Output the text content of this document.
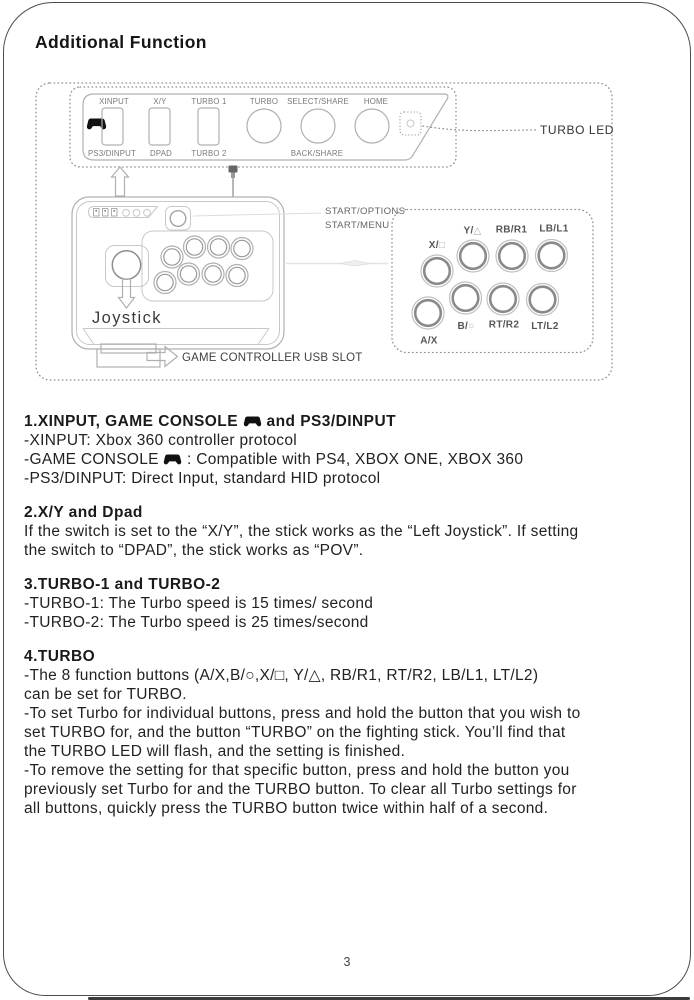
Additional Function
XINPUT	X/Y	TURBO 1	TURBO SELECT/SHARE HOME
PS3/DINPUT DPAD TURBO 2	BACK/SHARE
TURBO LED
Joystick
GAME CONTROLLER USB SLOT
START/OPTIONS
START/MENU
X/□
Y/△ RB/R1 LB/L1
A/X
B/○ RT/R2 LT/L2
1.XINPUT, GAME CONSOLE and PS3/DINPUT
-XINPUT: Xbox 360 controller protocol
-GAME CONSOLE : Compatible with PS4, XBOX ONE, XBOX 360
-PS3/DINPUT: Direct Input, standard HID protocol
2.X/Y and Dpad
If the switch is set to the “X/Y”, the stick works as the “Left Joystick”. If setting
the switch to “DPAD”, the stick works as “POV”.
3.TURBO-1 and TURBO-2
-TURBO-1: The Turbo speed is 15 times/ second
-TURBO-2: The Turbo speed is 25 times/second
4.TURBO
-The 8 function buttons (A/X,B/○,X/□, Y/△, RB/R1, RT/R2, LB/L1, LT/L2)
can be set for TURBO.
-To set Turbo for individual buttons, press and hold the button that you wish to
set TURBO for, and the button “TURBO” on the fighting stick. You’ll find that
the TURBO LED will flash, and the setting is finished.
-To remove the setting for that specific button, press and hold the button you
previously set Turbo for and the TURBO button. To clear all Turbo settings for
all buttons, quickly press the TURBO button twice within half of a second.
3
